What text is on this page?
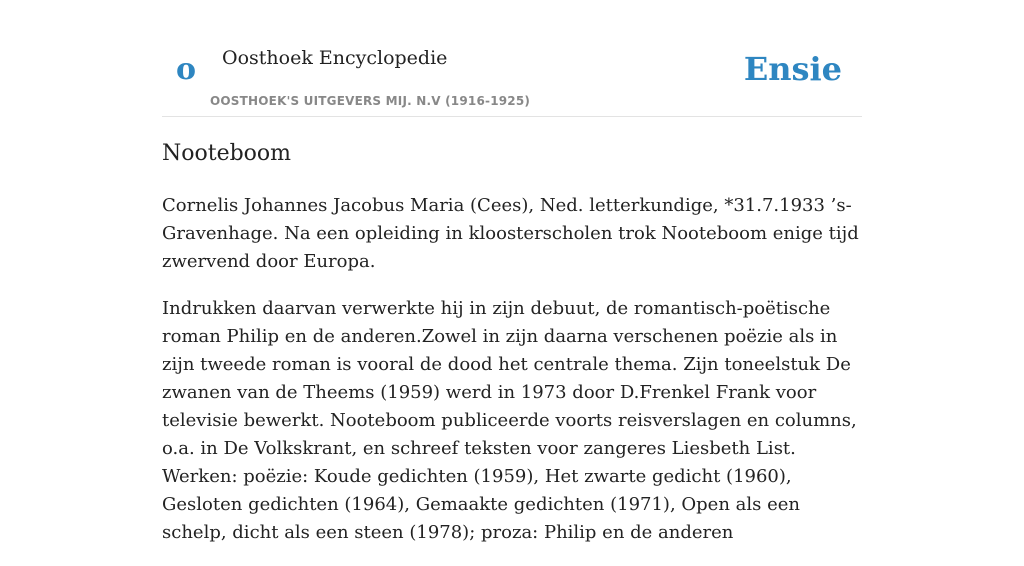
o Oosthoek Encyclopedie	Ensie
OOSTHOEK'S UITGEVERS MIJ. N.V (1916-1925)
Nooteboom

Cornelis Johannes Jacobus Maria (Cees), Ned. letterkundige, *31.7.1933 ’s-Gravenhage. Na een opleiding in kloosterscholen trok Nooteboom enige tijd zwervend door Europa.

Indrukken daarvan verwerkte hij in zijn debuut, de romantisch-poëtische roman Philip en de anderen.Zowel in zijn daarna verschenen poëzie als in zijn tweede roman is vooral de dood het centrale thema. Zijn toneelstuk De zwanen van de Theems (1959) werd in 1973 door D.Frenkel Frank voor televisie bewerkt. Nooteboom publiceerde voorts reisverslagen en columns, o.a. in De Volkskrant, en schreef teksten voor zangeres Liesbeth List. Werken: poëzie: Koude gedichten (1959), Het zwarte gedicht (1960), Gesloten gedichten (1964), Gemaakte gedichten (1971), Open als een schelp, dicht als een steen (1978); proza: Philip en de anderen
